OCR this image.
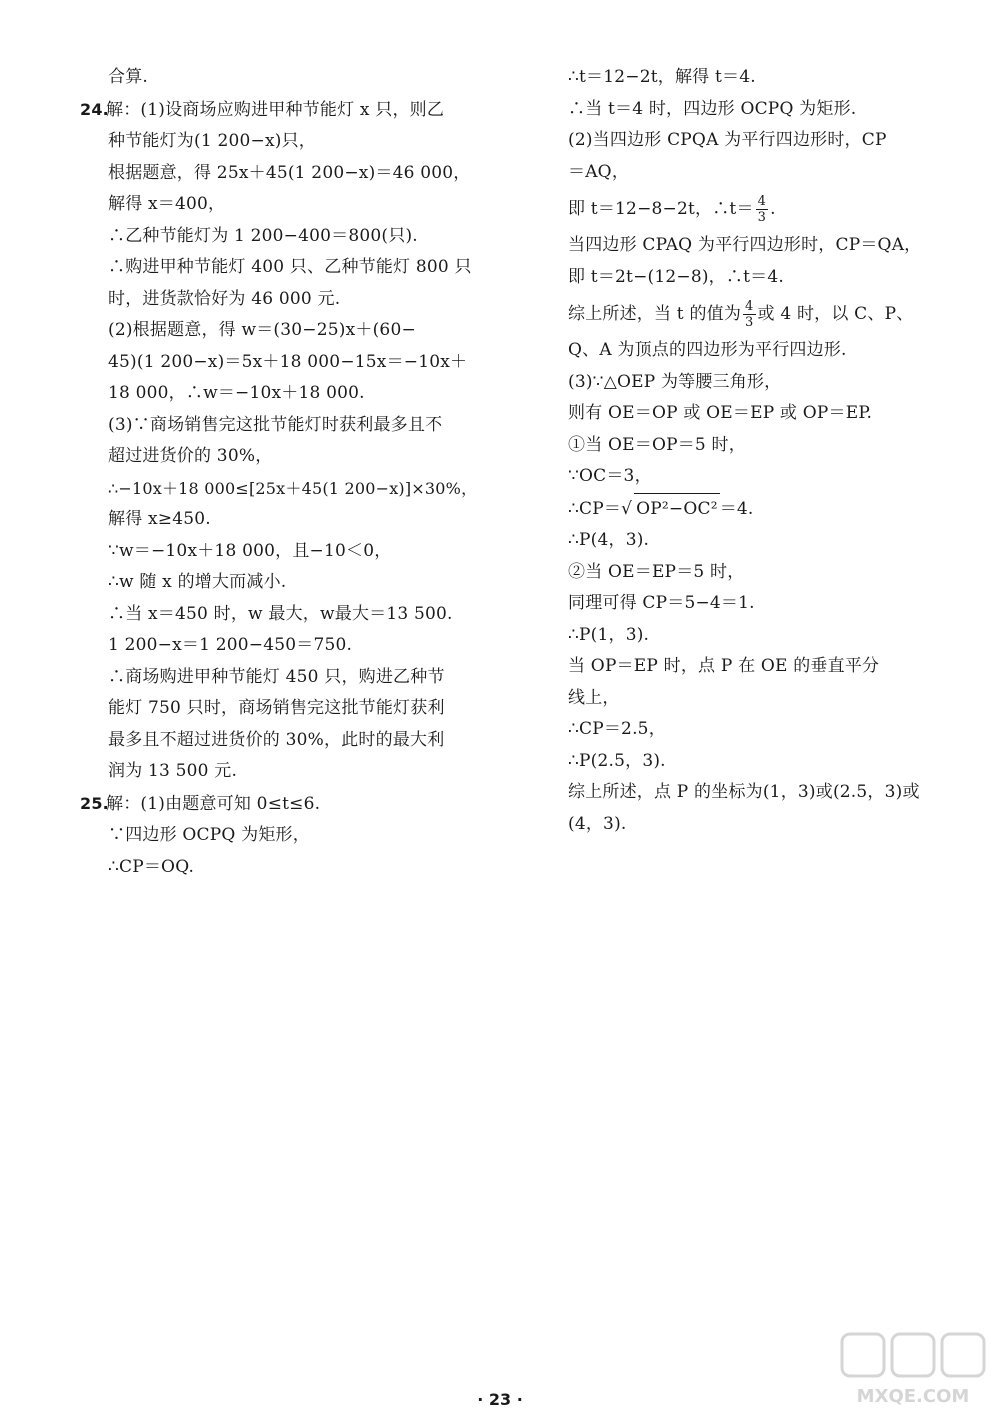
合算.
24.解：(1)设商场应购进甲种节能灯 x 只，则乙
种节能灯为(1 200−x)只，
根据题意，得 25x＋45(1 200−x)＝46 000，
解得 x＝400，
∴乙种节能灯为 1 200−400＝800(只).
∴购进甲种节能灯 400 只、乙种节能灯 800 只
时，进货款恰好为 46 000 元.
(2)根据题意，得 w＝(30−25)x＋(60−
45)(1 200−x)＝5x＋18 000−15x＝−10x＋
18 000，∴w＝−10x＋18 000.
(3)∵商场销售完这批节能灯时获利最多且不
超过进货价的 30%，
∴−10x＋18 000≤[25x＋45(1 200−x)]×30%，
解得 x≥450.
∵w＝−10x＋18 000，且−10＜0，
∴w 随 x 的增大而减小.
∴当 x＝450 时，w 最大，w最大＝13 500.
1 200−x＝1 200−450＝750.
∴商场购进甲种节能灯 450 只，购进乙种节
能灯 750 只时，商场销售完这批节能灯获利
最多且不超过进货价的 30%，此时的最大利
润为 13 500 元.
25.解：(1)由题意可知 0≤t≤6.
∵四边形 OCPQ 为矩形，
∴CP＝OQ.
∴t＝12−2t，解得 t＝4.
∴当 t＝4 时，四边形 OCPQ 为矩形.
(2)当四边形 CPQA 为平行四边形时，CP
＝AQ，
即 t＝12−8−2t，∴t＝ $\frac{4}{3}$ .
当四边形 CPAQ 为平行四边形时，CP＝QA，
即 t＝2t−(12−8)，∴t＝4.
综上所述，当 t 的值为 $\frac{4}{3}$ 或 4 时，以 C、P、
Q、A 为顶点的四边形为平行四边形.
(3)∵△OEP 为等腰三角形，
则有 OE＝OP 或 OE＝EP 或 OP＝EP.
①当 OE＝OP＝5 时，
∵OC＝3，
∴CP＝√ OP²−OC² ＝4.
∴P(4，3).
②当 OE＝EP＝5 时，
同理可得 CP＝5−4＝1.
∴P(1，3).
当 OP＝EP 时，点 P 在 OE 的垂直平分
线上，
∴CP＝2.5，
∴P(2.5，3).
综上所述，点 P 的坐标为(1，3)或(2.5，3)或
(4，3).
· 23 ·	MXQE.COM
